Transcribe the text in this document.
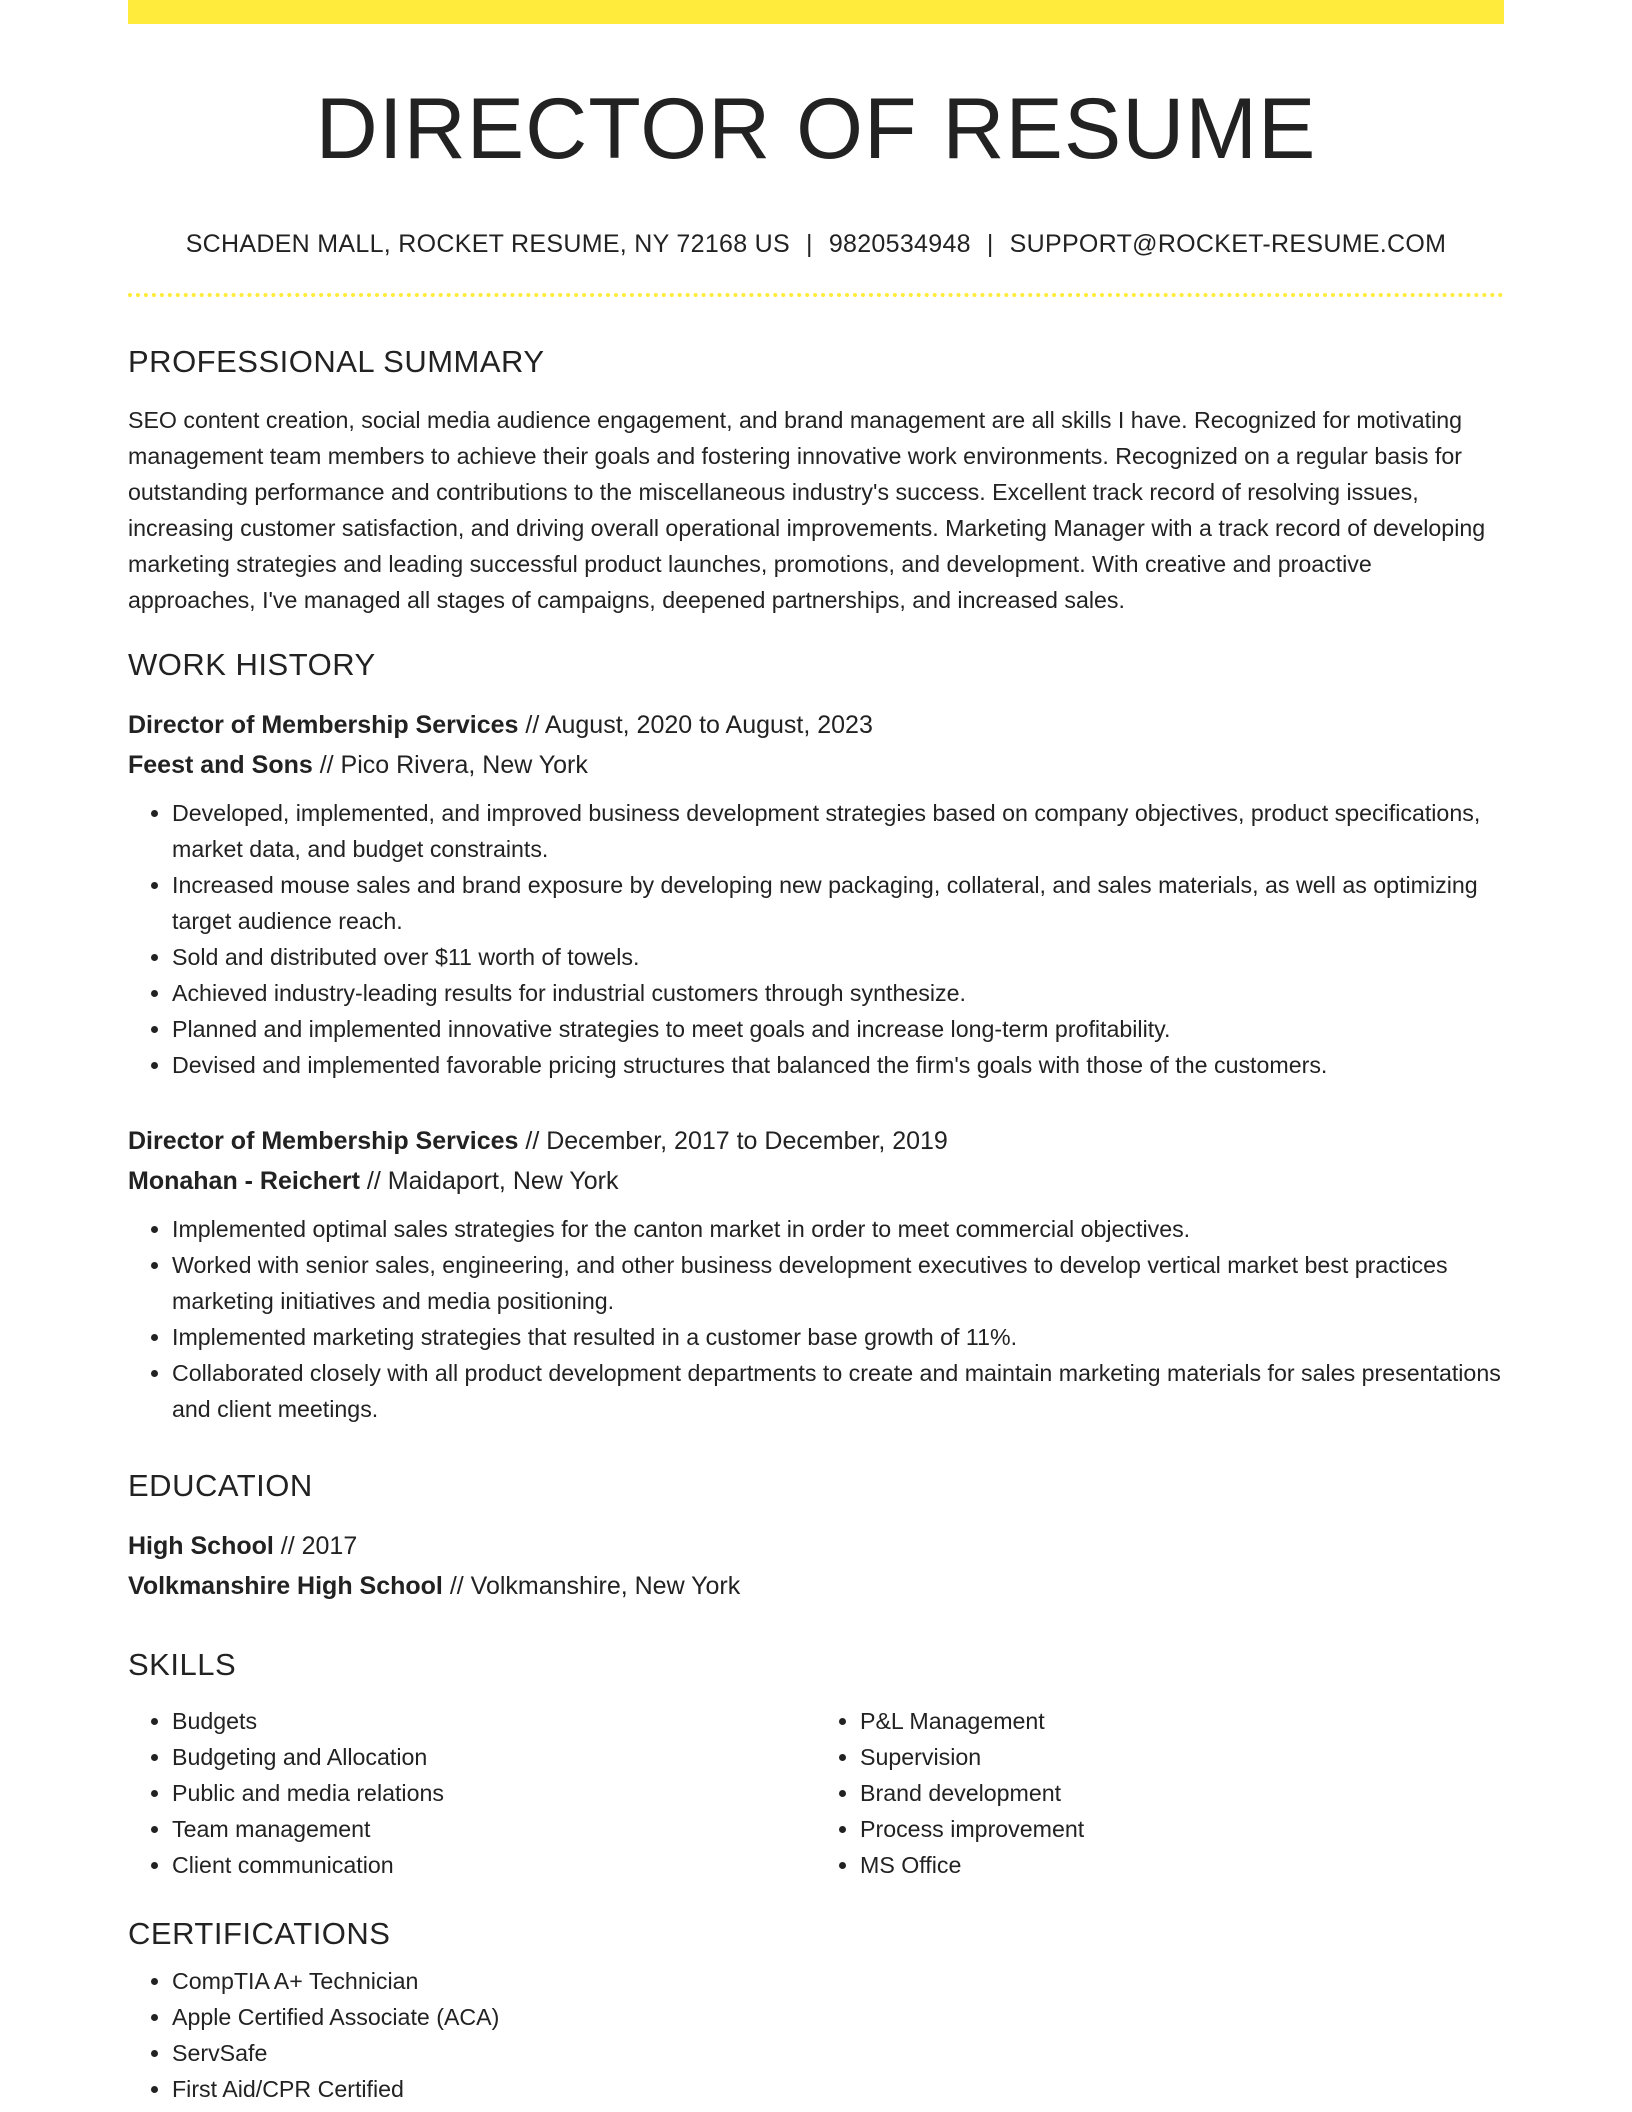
DIRECTOR OF RESUME
SCHADEN MALL, ROCKET RESUME, NY 72168 US | 9820534948 | SUPPORT@ROCKET-RESUME.COM
PROFESSIONAL SUMMARY
SEO content creation, social media audience engagement, and brand management are all skills I have. Recognized for motivating management team members to achieve their goals and fostering innovative work environments. Recognized on a regular basis for outstanding performance and contributions to the miscellaneous industry's success. Excellent track record of resolving issues, increasing customer satisfaction, and driving overall operational improvements. Marketing Manager with a track record of developing marketing strategies and leading successful product launches, promotions, and development. With creative and proactive approaches, I've managed all stages of campaigns, deepened partnerships, and increased sales.
WORK HISTORY
Director of Membership Services // August, 2020 to August, 2023
Feest and Sons // Pico Rivera, New York
• Developed, implemented, and improved business development strategies based on company objectives, product specifications, market data, and budget constraints.
• Increased mouse sales and brand exposure by developing new packaging, collateral, and sales materials, as well as optimizing target audience reach.
• Sold and distributed over $11 worth of towels.
• Achieved industry-leading results for industrial customers through synthesize.
• Planned and implemented innovative strategies to meet goals and increase long-term profitability.
• Devised and implemented favorable pricing structures that balanced the firm's goals with those of the customers.
Director of Membership Services // December, 2017 to December, 2019
Monahan - Reichert // Maidaport, New York
• Implemented optimal sales strategies for the canton market in order to meet commercial objectives.
• Worked with senior sales, engineering, and other business development executives to develop vertical market best practices marketing initiatives and media positioning.
• Implemented marketing strategies that resulted in a customer base growth of 11%.
• Collaborated closely with all product development departments to create and maintain marketing materials for sales presentations and client meetings.
EDUCATION
High School // 2017
Volkmanshire High School // Volkmanshire, New York
SKILLS
• Budgets
• Budgeting and Allocation
• Public and media relations
• Team management
• Client communication
• P&L Management
• Supervision
• Brand development
• Process improvement
• MS Office
CERTIFICATIONS
• CompTIA A+ Technician
• Apple Certified Associate (ACA)
• ServSafe
• First Aid/CPR Certified
